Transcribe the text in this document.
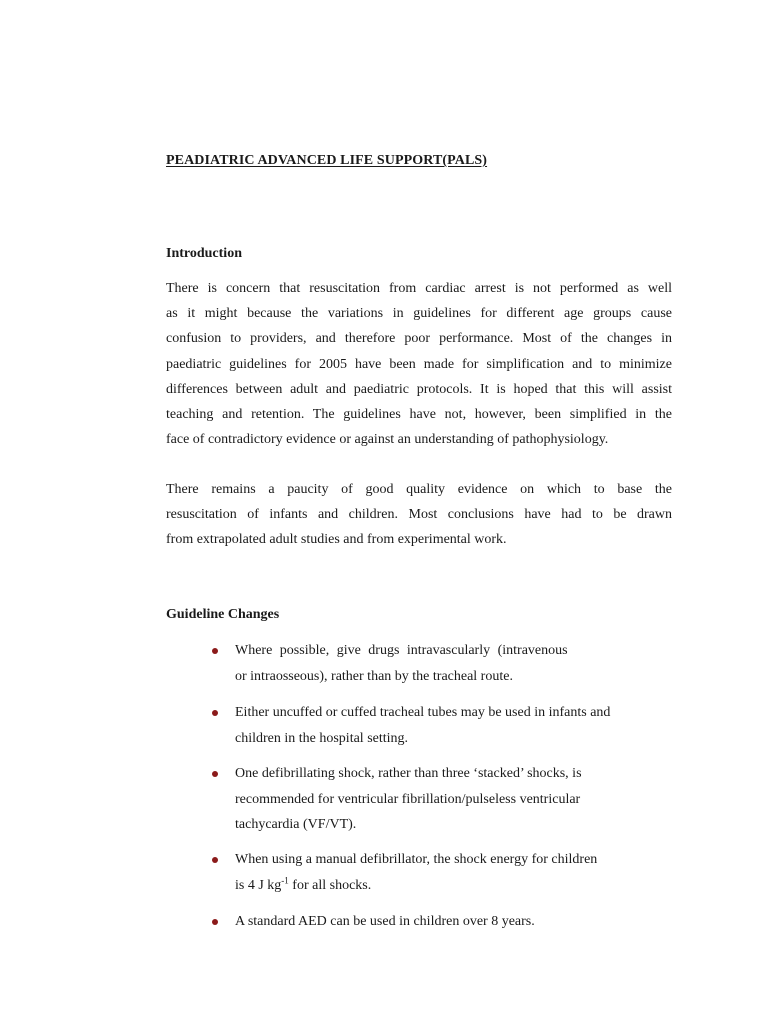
PEADIATRIC ADVANCED LIFE SUPPORT(PALS)
Introduction

There is concern that resuscitation from cardiac arrest is not performed as well
as it might because the variations in guidelines for different age groups cause
confusion to providers, and therefore poor performance. Most of the changes in
paediatric guidelines for 2005 have been made for simplification and to minimize
differences between adult and paediatric protocols. It is hoped that this will assist
teaching and retention. The guidelines have not, however, been simplified in the
face of contradictory evidence or against an understanding of pathophysiology.

There remains a paucity of good quality evidence on which to base the
resuscitation of infants and children. Most conclusions have had to be drawn
from extrapolated adult studies and from experimental work.

Guideline Changes
Where possible, give drugs intravascularly (intravenous
or intraosseous), rather than by the tracheal route.
Either uncuffed or cuffed tracheal tubes may be used in infants and
children in the hospital setting.
One defibrillating shock, rather than three ‘stacked’ shocks, is
recommended for ventricular fibrillation/pulseless ventricular
tachycardia (VF/VT).
When using a manual defibrillator, the shock energy for children
is 4 J $kg^{-1}$ for all shocks.
A standard AED can be used in children over 8 years.
